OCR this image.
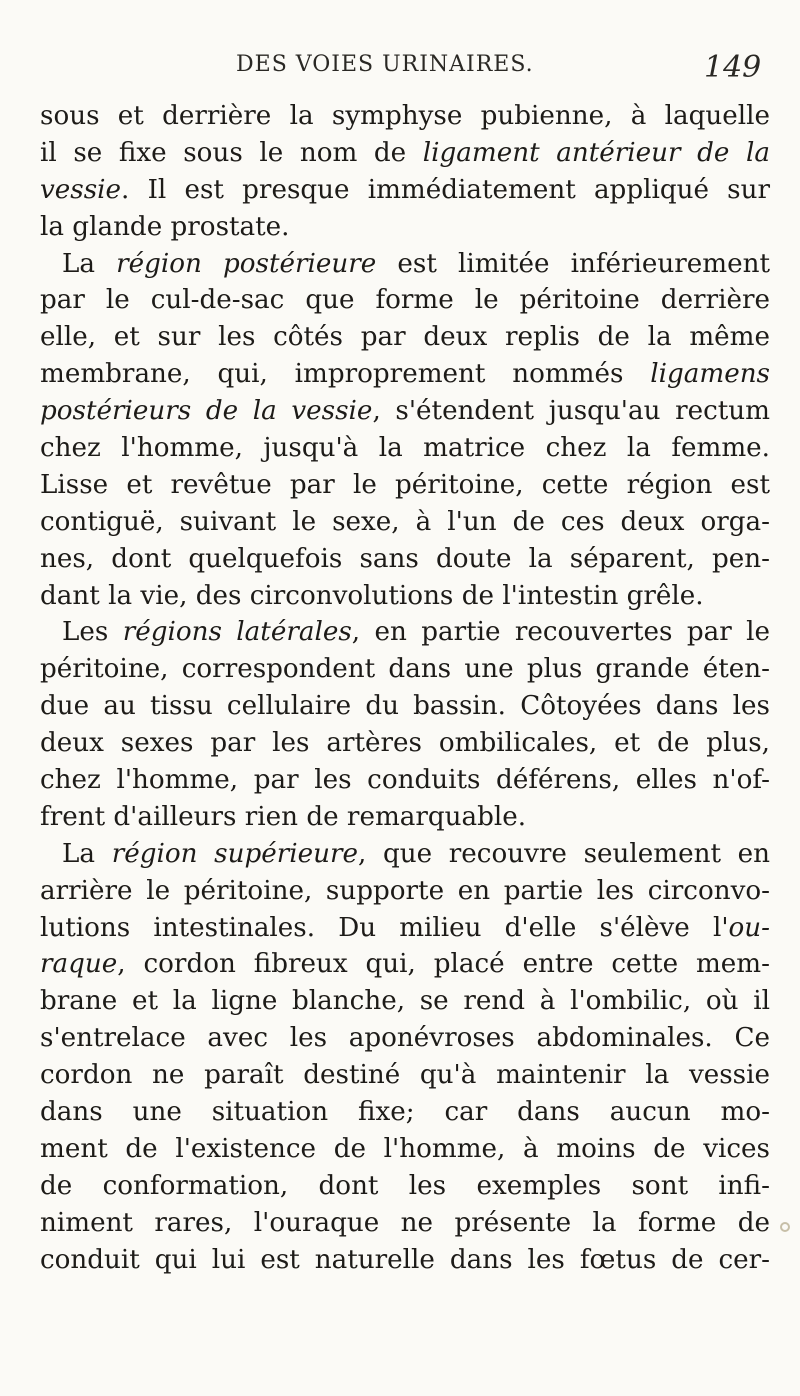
DES VOIES URINAIRES.	149
sous et derrière la symphyse pubienne, à laquelle
il se fixe sous le nom de ligament antérieur de la
vessie. Il est presque immédiatement appliqué sur
la glande prostate.
La région postérieure est limitée inférieurement
par le cul-de-sac que forme le péritoine derrière
elle, et sur les côtés par deux replis de la même
membrane, qui, improprement nommés ligamens
postérieurs de la vessie, s'étendent jusqu'au rectum
chez l'homme, jusqu'à la matrice chez la femme.
Lisse et revêtue par le péritoine, cette région est
contiguë, suivant le sexe, à l'un de ces deux orga-
nes, dont quelquefois sans doute la séparent, pen-
dant la vie, des circonvolutions de l'intestin grêle.
Les régions latérales, en partie recouvertes par le
péritoine, correspondent dans une plus grande éten-
due au tissu cellulaire du bassin. Côtoyées dans les
deux sexes par les artères ombilicales, et de plus,
chez l'homme, par les conduits déférens, elles n'of-
frent d'ailleurs rien de remarquable.
La région supérieure, que recouvre seulement en
arrière le péritoine, supporte en partie les circonvo-
lutions intestinales. Du milieu d'elle s'élève l'ou-
raque, cordon fibreux qui, placé entre cette mem-
brane et la ligne blanche, se rend à l'ombilic, où il
s'entrelace avec les aponévroses abdominales. Ce
cordon ne paraît destiné qu'à maintenir la vessie
dans une situation fixe; car dans aucun mo-
ment de l'existence de l'homme, à moins de vices
de conformation, dont les exemples sont infi-
niment rares, l'ouraque ne présente la forme de
conduit qui lui est naturelle dans les fœtus de cer-
